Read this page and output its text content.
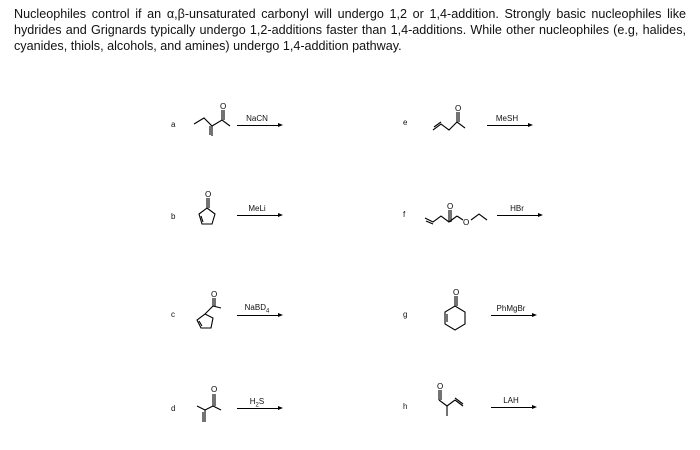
Nucleophiles control if an α,β-unsaturated carbonyl will undergo 1,2 or 1,4-addition. Strongly basic nucleophiles like hydrides and Grignards typically undergo 1,2-additions faster than 1,4-additions. While other nucleophiles (e.g, halides, cyanides, thiols, alcohols, and amines) undergo 1,4-addition pathway.

a
O
NaCN
b
O
MeLi
c
O
NaBD$_4$
d
O
$H_2S$
e
O
MeSH
f
O
O
HBr
g
O
PhMgBr
h
O
LAH
